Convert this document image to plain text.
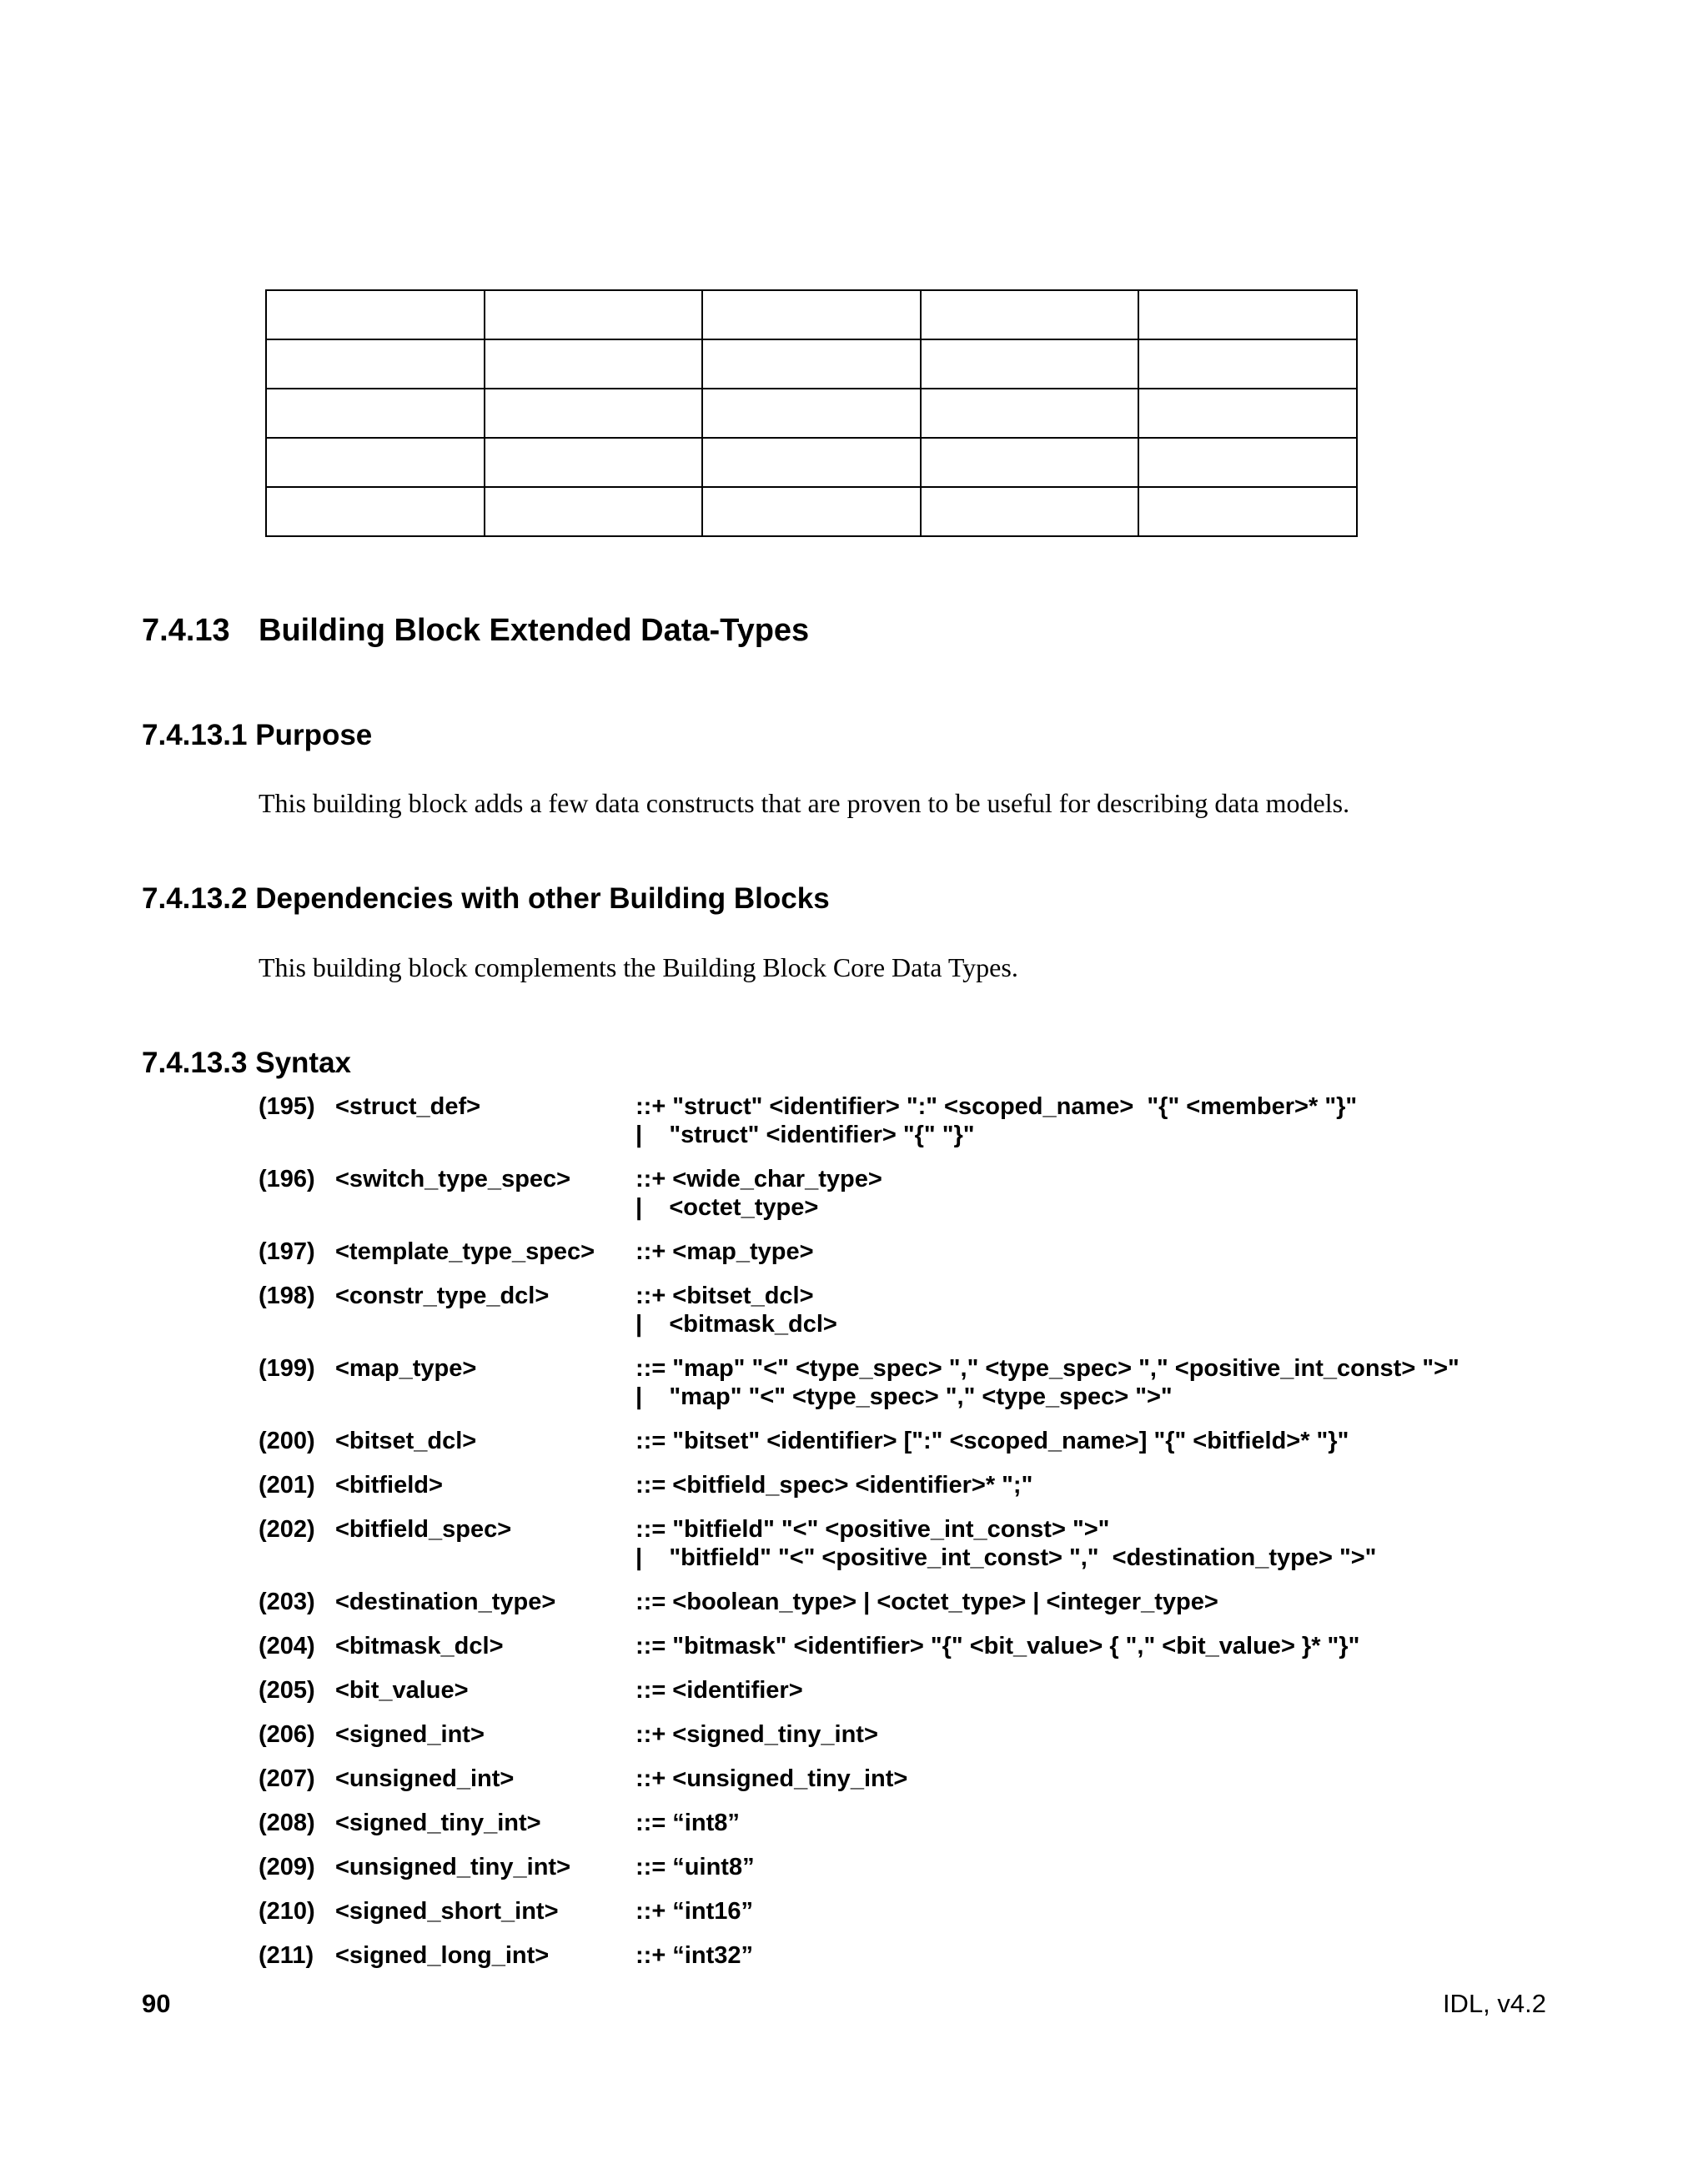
7.4.13 Building Block Extended Data-Types
7.4.13.1 Purpose

This building block adds a few data constructs that are proven to be useful for describing data models.

7.4.13.2 Dependencies with other Building Blocks

This building block complements the Building Block Core Data Types.

7.4.13.3 Syntax
(195) <struct_def>	::+ "struct" <identifier> ":" <scoped_name>  "{" <member>* "}"
|    "struct" <identifier> "{" "}"
(196) <switch_type_spec>	::+ <wide_char_type>
|    <octet_type>
(197) <template_type_spec>	::+ <map_type>
(198) <constr_type_dcl>	::+ <bitset_dcl>
|    <bitmask_dcl>
(199) <map_type>	::= "map" "<" <type_spec> "," <type_spec> "," <positive_int_const> ">"
|    "map" "<" <type_spec> "," <type_spec> ">"
(200) <bitset_dcl>	::= "bitset" <identifier> [":" <scoped_name>] "{" <bitfield>* "}"
(201) <bitfield>	::= <bitfield_spec> <identifier>* ";"
(202) <bitfield_spec>	::= "bitfield" "<" <positive_int_const> ">"
|    "bitfield" "<" <positive_int_const> ","  <destination_type> ">"
(203) <destination_type>	::= <boolean_type> | <octet_type> | <integer_type>
(204) <bitmask_dcl>	::= "bitmask" <identifier> "{" <bit_value> { "," <bit_value> }* "}"
(205) <bit_value>	::= <identifier>
(206) <signed_int>	::+ <signed_tiny_int>
(207) <unsigned_int>	::+ <unsigned_tiny_int>
(208) <signed_tiny_int>	::= “int8”
(209) <unsigned_tiny_int>	::= “uint8”
(210) <signed_short_int>	::+ “int16”
(211) <signed_long_int>	::+ “int32”
90	IDL, v4.2
